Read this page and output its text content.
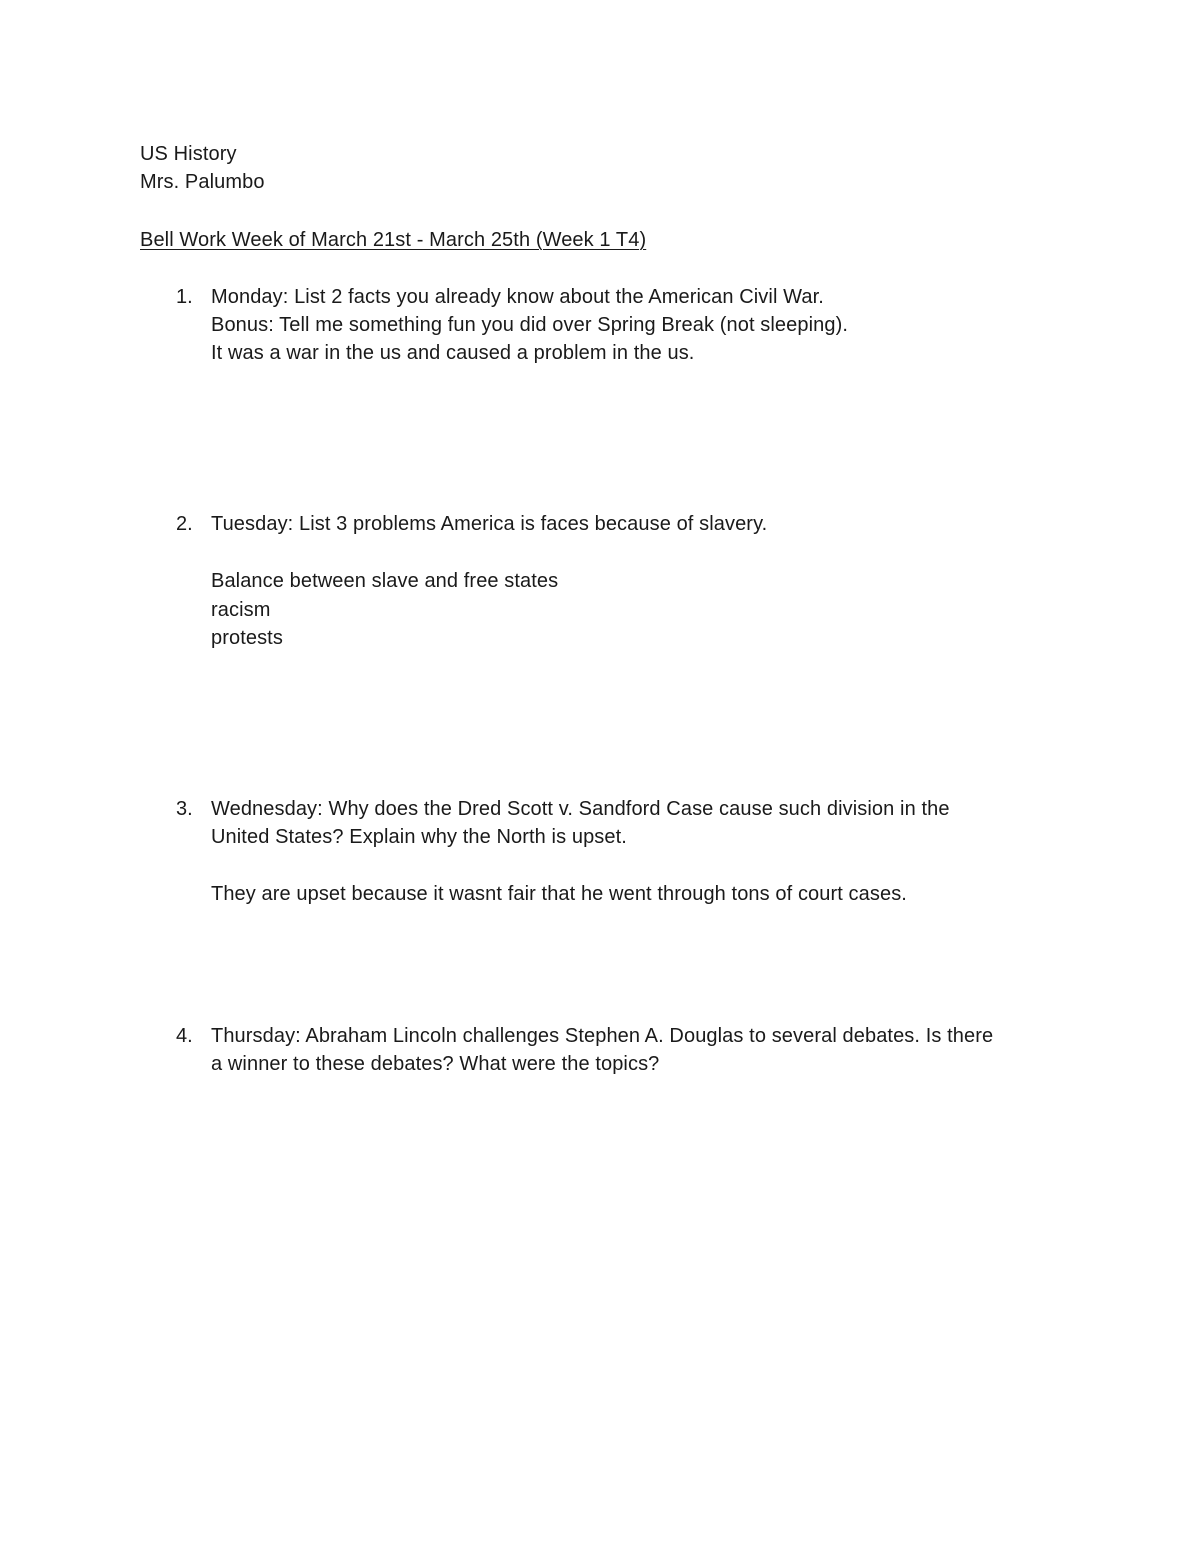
US History
Mrs. Palumbo
Bell Work Week of March 21st - March 25th (Week 1 T4)
1. Monday: List 2 facts you already know about the American Civil War.
Bonus: Tell me something fun you did over Spring Break (not sleeping).
It was a war in the us and caused a problem in the us.
2. Tuesday: List 3 problems America is faces because of slavery.
Balance between slave and free states
racism
protests
3. Wednesday: Why does the Dred Scott v. Sandford Case cause such division in the
United States? Explain why the North is upset.
They are upset because it wasnt fair that he went through tons of court cases.
4. Thursday: Abraham Lincoln challenges Stephen A. Douglas to several debates. Is there
a winner to these debates? What were the topics?
